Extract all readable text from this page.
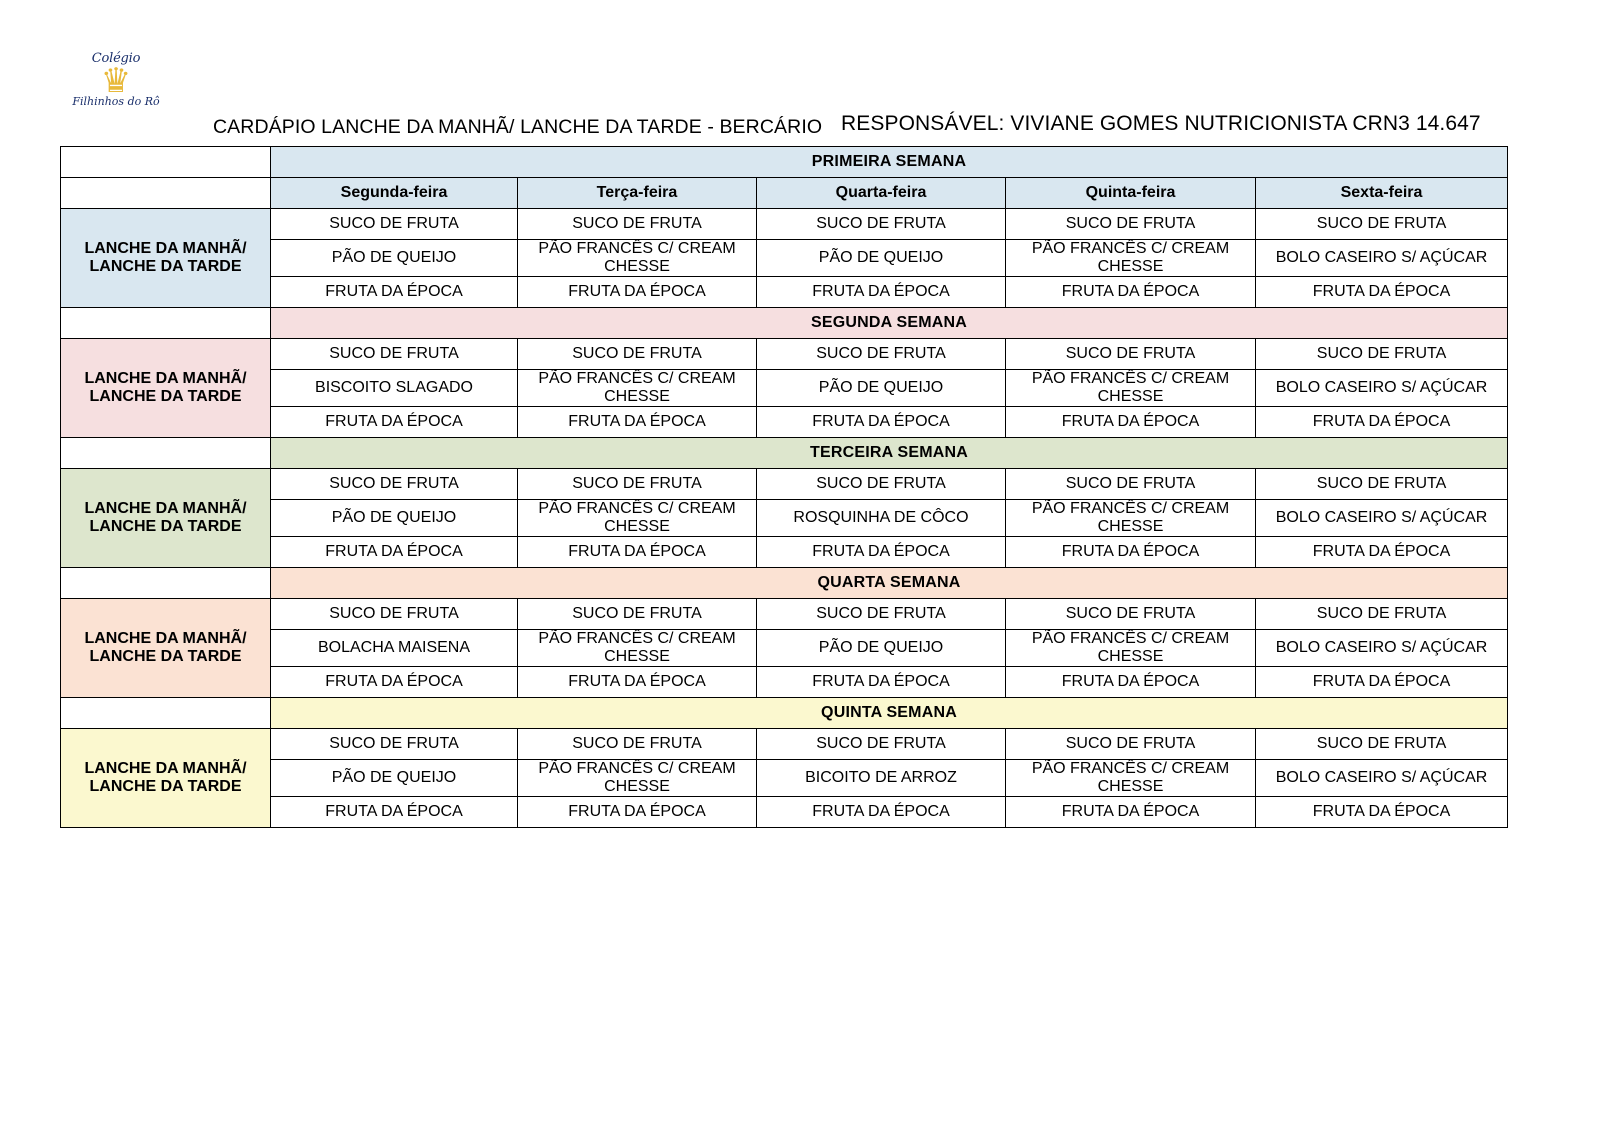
Colégio
♛
Filhinhos do Rô
CARDÁPIO LANCHE DA MANHÃ/ LANCHE DA TARDE - BERCÁRIO RESPONSÁVEL: VIVIANE GOMES NUTRICIONISTA CRN3 14.647
	PRIMEIRA SEMANA				
	Segunda-feira	Terça-feira	Quarta-feira	Quinta-feira	Sexta-feira

LANCHE DA MANHÃ/
LANCHE DA TARDE	SUCO DE FRUTA	SUCO DE FRUTA	SUCO DE FRUTA	SUCO DE FRUTA	SUCO DE FRUTA
	PÃO DE QUEIJO	PÃO FRANCÊS C/ CREAM CHESSE	PÃO DE QUEIJO	PÃO FRANCÊS C/ CREAM CHESSE	BOLO CASEIRO S/ AÇÚCAR
	FRUTA DA ÉPOCA	FRUTA DA ÉPOCA	FRUTA DA ÉPOCA	FRUTA DA ÉPOCA	FRUTA DA ÉPOCA
	SEGUNDA SEMANA				

LANCHE DA MANHÃ/
LANCHE DA TARDE	SUCO DE FRUTA	SUCO DE FRUTA	SUCO DE FRUTA	SUCO DE FRUTA	SUCO DE FRUTA
	BISCOITO SLAGADO	PÃO FRANCÊS C/ CREAM CHESSE	PÃO DE QUEIJO	PÃO FRANCÊS C/ CREAM CHESSE	BOLO CASEIRO S/ AÇÚCAR
	FRUTA DA ÉPOCA	FRUTA DA ÉPOCA	FRUTA DA ÉPOCA	FRUTA DA ÉPOCA	FRUTA DA ÉPOCA
	TERCEIRA SEMANA				

LANCHE DA MANHÃ/
LANCHE DA TARDE	SUCO DE FRUTA	SUCO DE FRUTA	SUCO DE FRUTA	SUCO DE FRUTA	SUCO DE FRUTA
	PÃO DE QUEIJO	PÃO FRANCÊS C/ CREAM CHESSE	ROSQUINHA DE CÔCO	PÃO FRANCÊS C/ CREAM CHESSE	BOLO CASEIRO S/ AÇÚCAR
	FRUTA DA ÉPOCA	FRUTA DA ÉPOCA	FRUTA DA ÉPOCA	FRUTA DA ÉPOCA	FRUTA DA ÉPOCA
	QUARTA SEMANA				

LANCHE DA MANHÃ/
LANCHE DA TARDE	SUCO DE FRUTA	SUCO DE FRUTA	SUCO DE FRUTA	SUCO DE FRUTA	SUCO DE FRUTA
	BOLACHA MAISENA	PÃO FRANCÊS C/ CREAM CHESSE	PÃO DE QUEIJO	PÃO FRANCÊS C/ CREAM CHESSE	BOLO CASEIRO S/ AÇÚCAR
	FRUTA DA ÉPOCA	FRUTA DA ÉPOCA	FRUTA DA ÉPOCA	FRUTA DA ÉPOCA	FRUTA DA ÉPOCA
	QUINTA SEMANA				

LANCHE DA MANHÃ/
LANCHE DA TARDE	SUCO DE FRUTA	SUCO DE FRUTA	SUCO DE FRUTA	SUCO DE FRUTA	SUCO DE FRUTA
	PÃO DE QUEIJO	PÃO FRANCÊS C/ CREAM CHESSE	BICOITO DE ARROZ	PÃO FRANCÊS C/ CREAM CHESSE	BOLO CASEIRO S/ AÇÚCAR
	FRUTA DA ÉPOCA	FRUTA DA ÉPOCA	FRUTA DA ÉPOCA	FRUTA DA ÉPOCA	FRUTA DA ÉPOCA
